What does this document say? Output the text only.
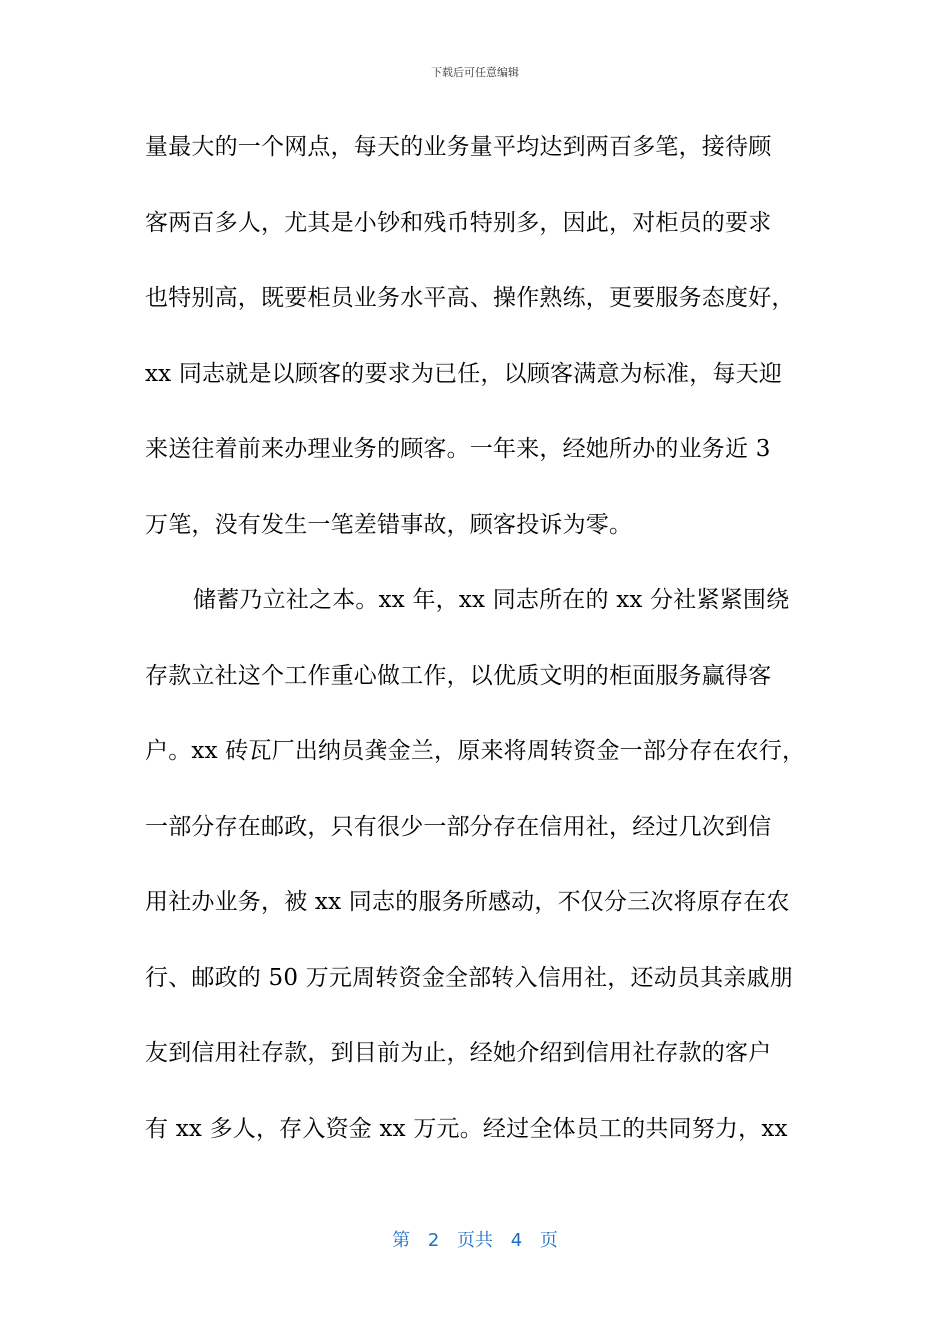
下载后可任意编辑
量最大的一个网点，每天的业务量平均达到两百多笔，接待顾
客两百多人，尤其是小钞和残币特别多，因此，对柜员的要求
也特别高，既要柜员业务水平高、操作熟练，更要服务态度好，
xx 同志就是以顾客的要求为已任，以顾客满意为标准，每天迎
来送往着前来办理业务的顾客。一年来，经她所办的业务近 3
万笔，没有发生一笔差错事故，顾客投诉为零。
储蓄乃立社之本。xx 年，xx 同志所在的 xx 分社紧紧围绕
存款立社这个工作重心做工作，以优质文明的柜面服务赢得客
户。xx 砖瓦厂出纳员龚金兰，原来将周转资金一部分存在农行，
一部分存在邮政，只有很少一部分存在信用社，经过几次到信
用社办业务，被 xx 同志的服务所感动，不仅分三次将原存在农
行、邮政的 50 万元周转资金全部转入信用社，还动员其亲戚朋
友到信用社存款，到目前为止，经她介绍到信用社存款的客户
有 xx 多人，存入资金 xx 万元。经过全体员工的共同努力，xx
第 2 页共 4 页
